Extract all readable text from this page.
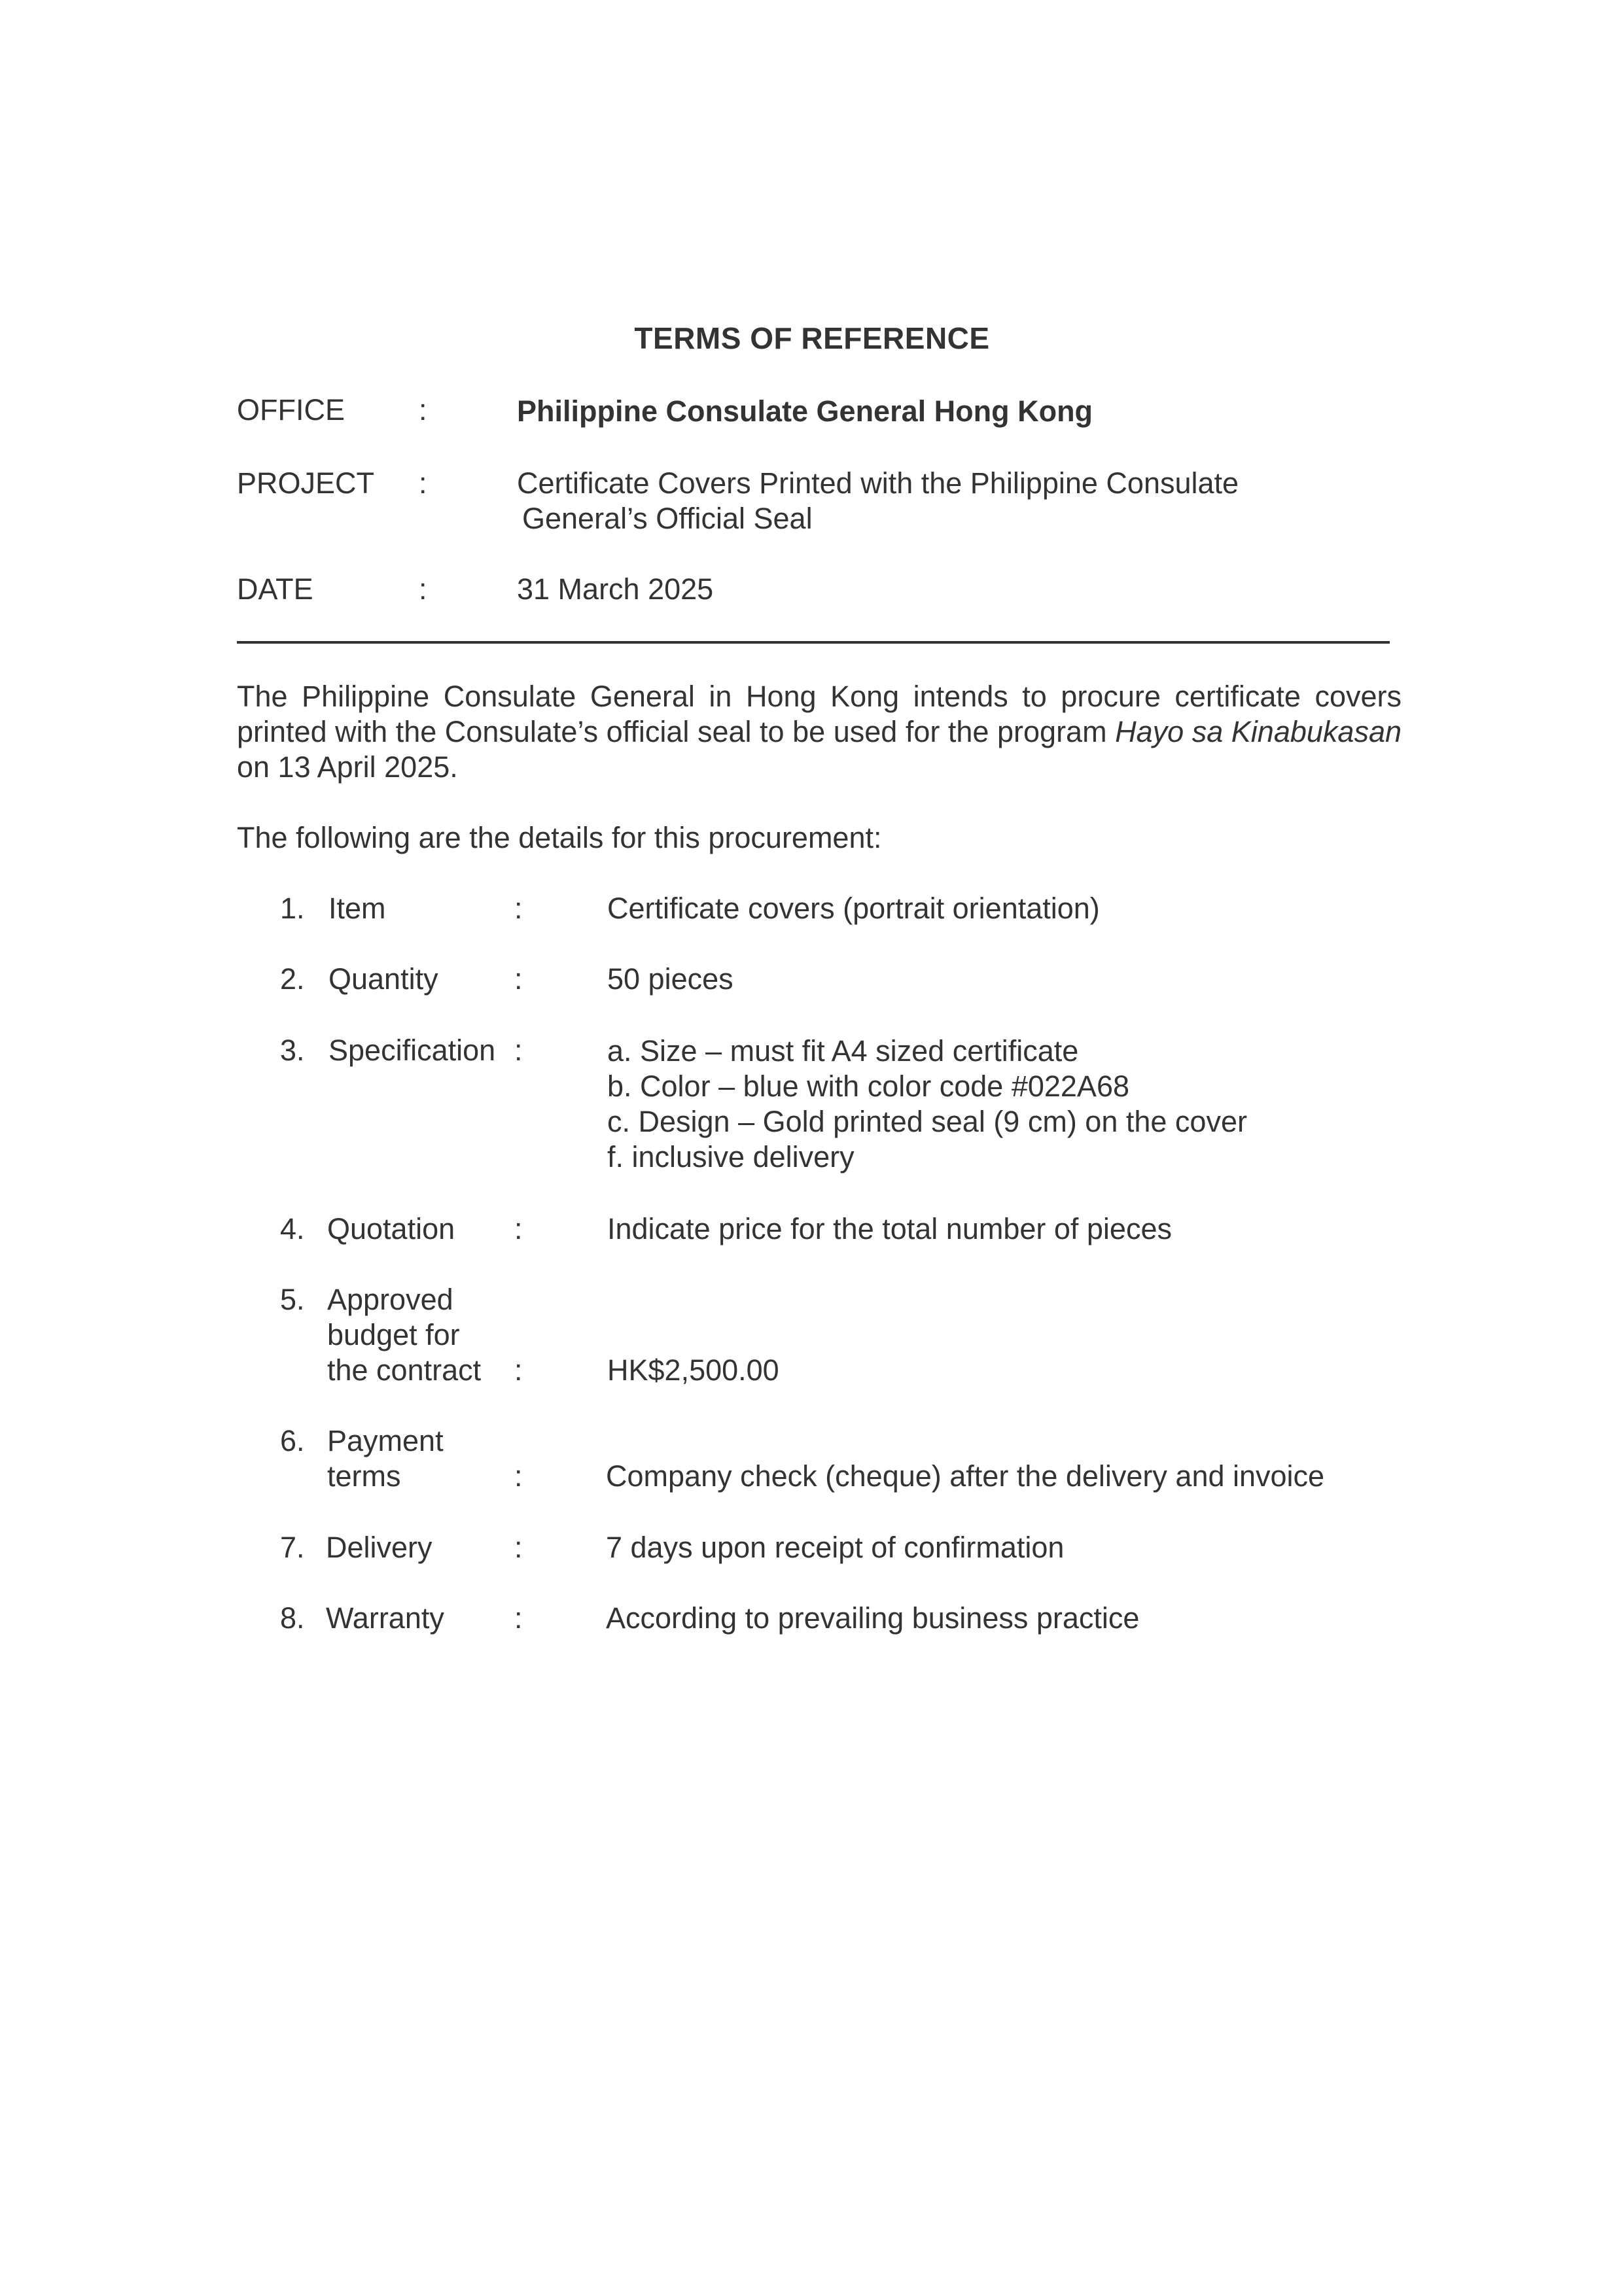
TERMS OF REFERENCE
OFFICE	:	Philippine Consulate General Hong Kong
PROJECT :	Certificate Covers Printed with the Philippine Consulate
General’s Official Seal
DATE	:	31 March 2025
The Philippine Consulate General in Hong Kong intends to procure certificate covers printed with the Consulate’s official seal to be used for the program Hayo sa Kinabukasan on 13 April 2025.
The following are the details for this procurement:
1. Item	:	Certificate covers (portrait orientation)
2. Quantity	:	50 pieces
3. Specification :	a. Size – must fit A4 sized certificate
b. Color – blue with color code #022A68
c. Design – Gold printed seal (9 cm) on the cover
f. inclusive delivery
4. Quotation :	Indicate price for the total number of pieces
5. Approved
budget for
the contract :	HK$2,500.00
6. Payment
terms	:	Company check (cheque) after the delivery and invoice
7. Delivery	:	7 days upon receipt of confirmation
8. Warranty :	According to prevailing business practice
